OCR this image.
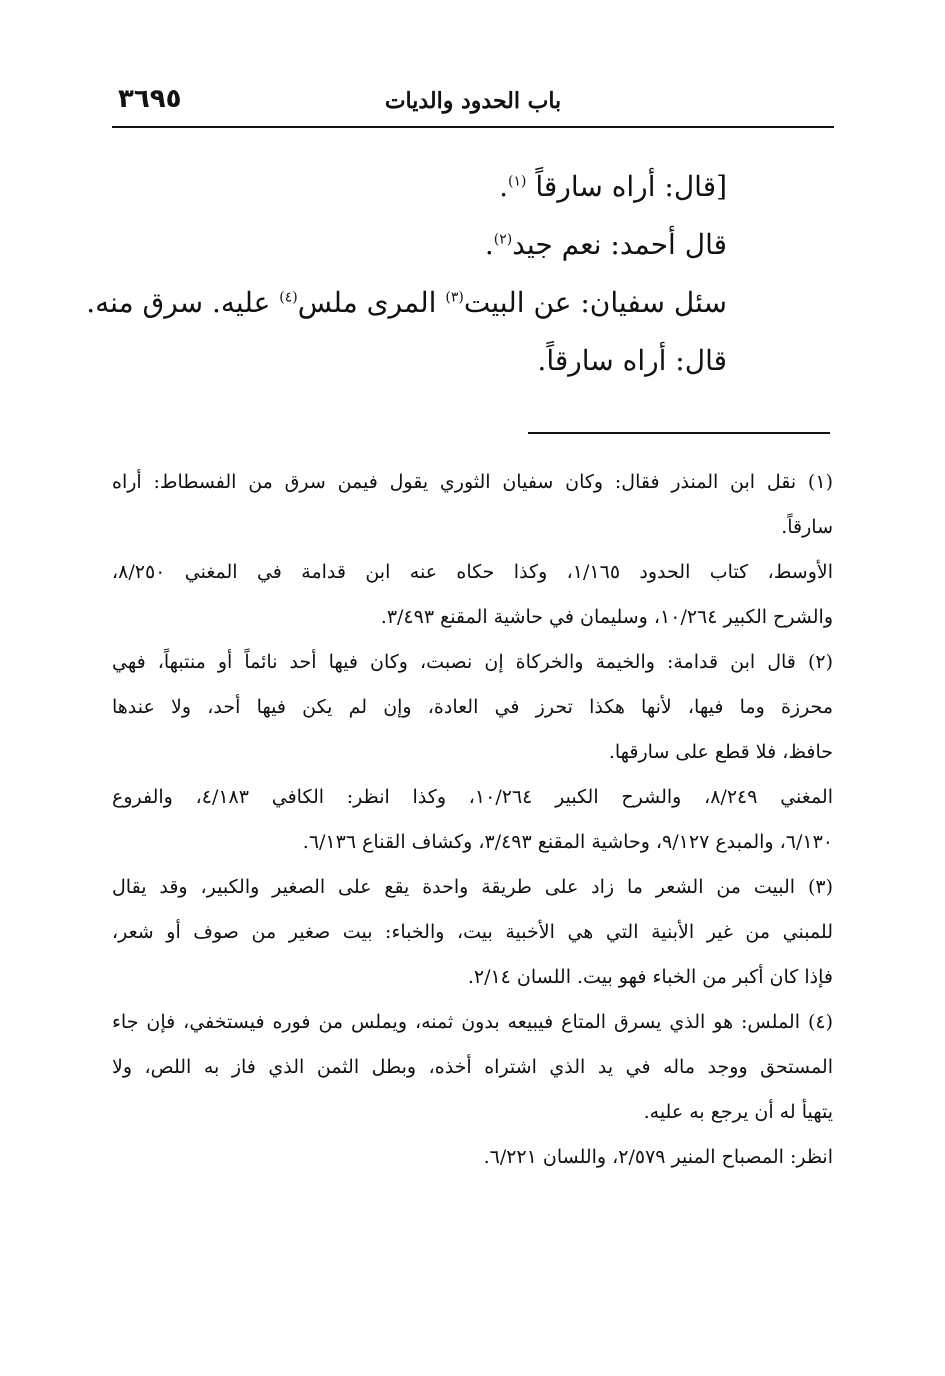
٣٦٩٥	باب الحدود والديات
[قال: أراه سارقاً $^{(١)}$.
قال أحمد: نعم جيد$^{(٢)}$.
سئل سفيان: عن البيت$^{(٣)}$ المرى ملس$^{(٤)}$ عليه. سرق منه.
قال: أراه سارقاً.
(١) نقل ابن المنذر فقال: وكان سفيان الثوري يقول فيمن سرق من الفسطاط: أراه
سارقاً.
الأوسط، كتاب الحدود ١/١٦٥، وكذا حكاه عنه ابن قدامة في المغني ٨/٢٥٠،
والشرح الكبير ١٠/٢٦٤، وسليمان في حاشية المقنع ٣/٤٩٣.
(٢) قال ابن قدامة: والخيمة والخركاة إن نصبت، وكان فيها أحد نائماً أو منتبهاً، فهي
محرزة وما فيها، لأنها هكذا تحرز في العادة، وإن لم يكن فيها أحد، ولا عندها
حافظ، فلا قطع على سارقها.
المغني ٨/٢٤٩، والشرح الكبير ١٠/٢٦٤، وكذا انظر: الكافي ٤/١٨٣، والفروع
٦/١٣٠، والمبدع ٩/١٢٧، وحاشية المقنع ٣/٤٩٣، وكشاف القناع ٦/١٣٦.
(٣) البيت من الشعر ما زاد على طريقة واحدة يقع على الصغير والكبير، وقد يقال
للمبني من غير الأبنية التي هي الأخبية بيت، والخباء: بيت صغير من صوف أو شعر،
فإذا كان أكبر من الخباء فهو بيت. اللسان ٢/١٤.
(٤) الملس: هو الذي يسرق المتاع فيبيعه بدون ثمنه، ويملس من فوره فيستخفي، فإن جاء
المستحق ووجد ماله في يد الذي اشتراه أخذه، وبطل الثمن الذي فاز به اللص، ولا
يتهيأ له أن يرجع به عليه.
انظر: المصباح المنير ٢/٥٧٩، واللسان ٦/٢٢١.
